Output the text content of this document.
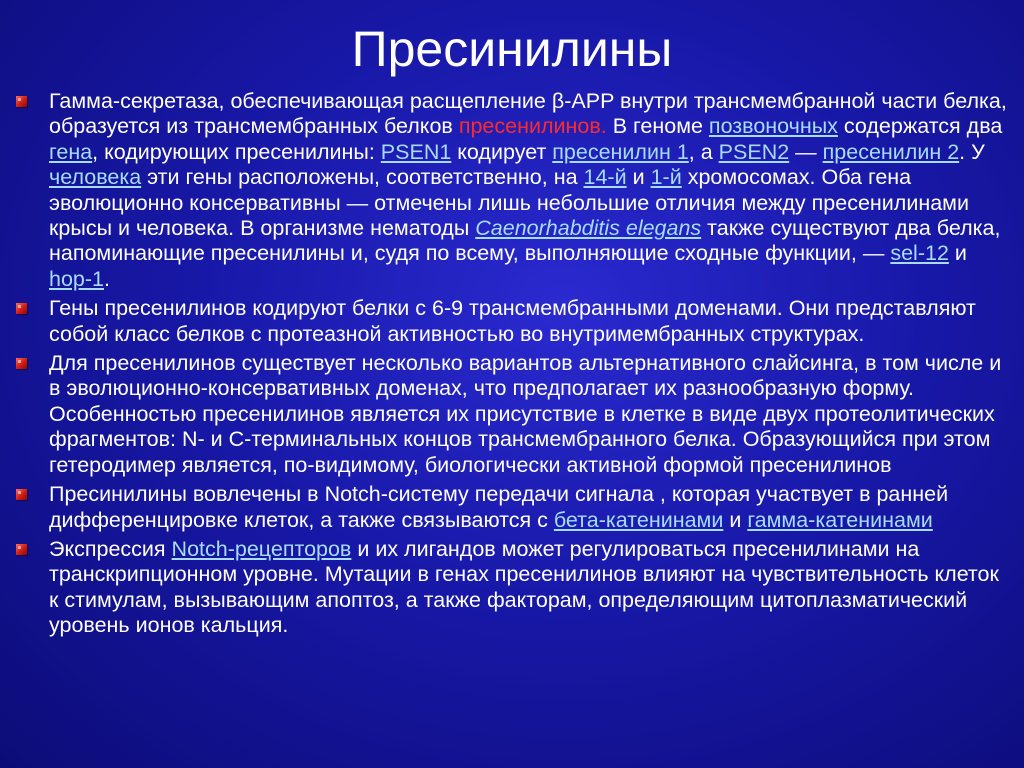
Пресинилины
Гамма-секретаза, обеспечивающая расщепление β-APP внутри трансмембранной части белка, образуется из трансмембранных белков пресенилинов. В геноме позвоночных содержатся два гена, кодирующих пресенилины: PSEN1 кодирует пресенилин 1, а PSEN2 — пресенилин 2. У человека эти гены расположены, соответственно, на 14-й и 1-й хромосомах. Оба гена эволюционно консервативны — отмечены лишь небольшие отличия между пресенилинами крысы и человека. В организме нематоды Caenorhabditis elegans также существуют два белка, напоминающие пресенилины и, судя по всему, выполняющие сходные функции, — sel-12 и hop-1.
Гены пресенилинов кодируют белки с 6-9 трансмембранными доменами. Они представляют собой класс белков с протеазной активностью во внутримембранных структурах.
Для пресенилинов существует несколько вариантов альтернативного слайсинга, в том числе и в эволюционно-консервативных доменах, что предполагает их разнообразную форму. Особенностью пресенилинов является их присутствие в клетке в виде двух протеолитических фрагментов: N- и C-терминальных концов трансмембранного белка. Образующийся при этом гетеродимер является, по-видимому, биологически активной формой пресенилинов
Пресинилины вовлечены в Notch-систему передачи сигнала , которая участвует в ранней дифференцировке клеток, а также связываются с бета-катенинами и гамма-катенинами
Экспрессия Notch-рецепторов и их лигандов может регулироваться пресенилинами на транскрипционном уровне. Мутации в генах пресенилинов влияют на чувствительность клеток к стимулам, вызывающим апоптоз, а также факторам, определяющим цитоплазматический уровень ионов кальция.
